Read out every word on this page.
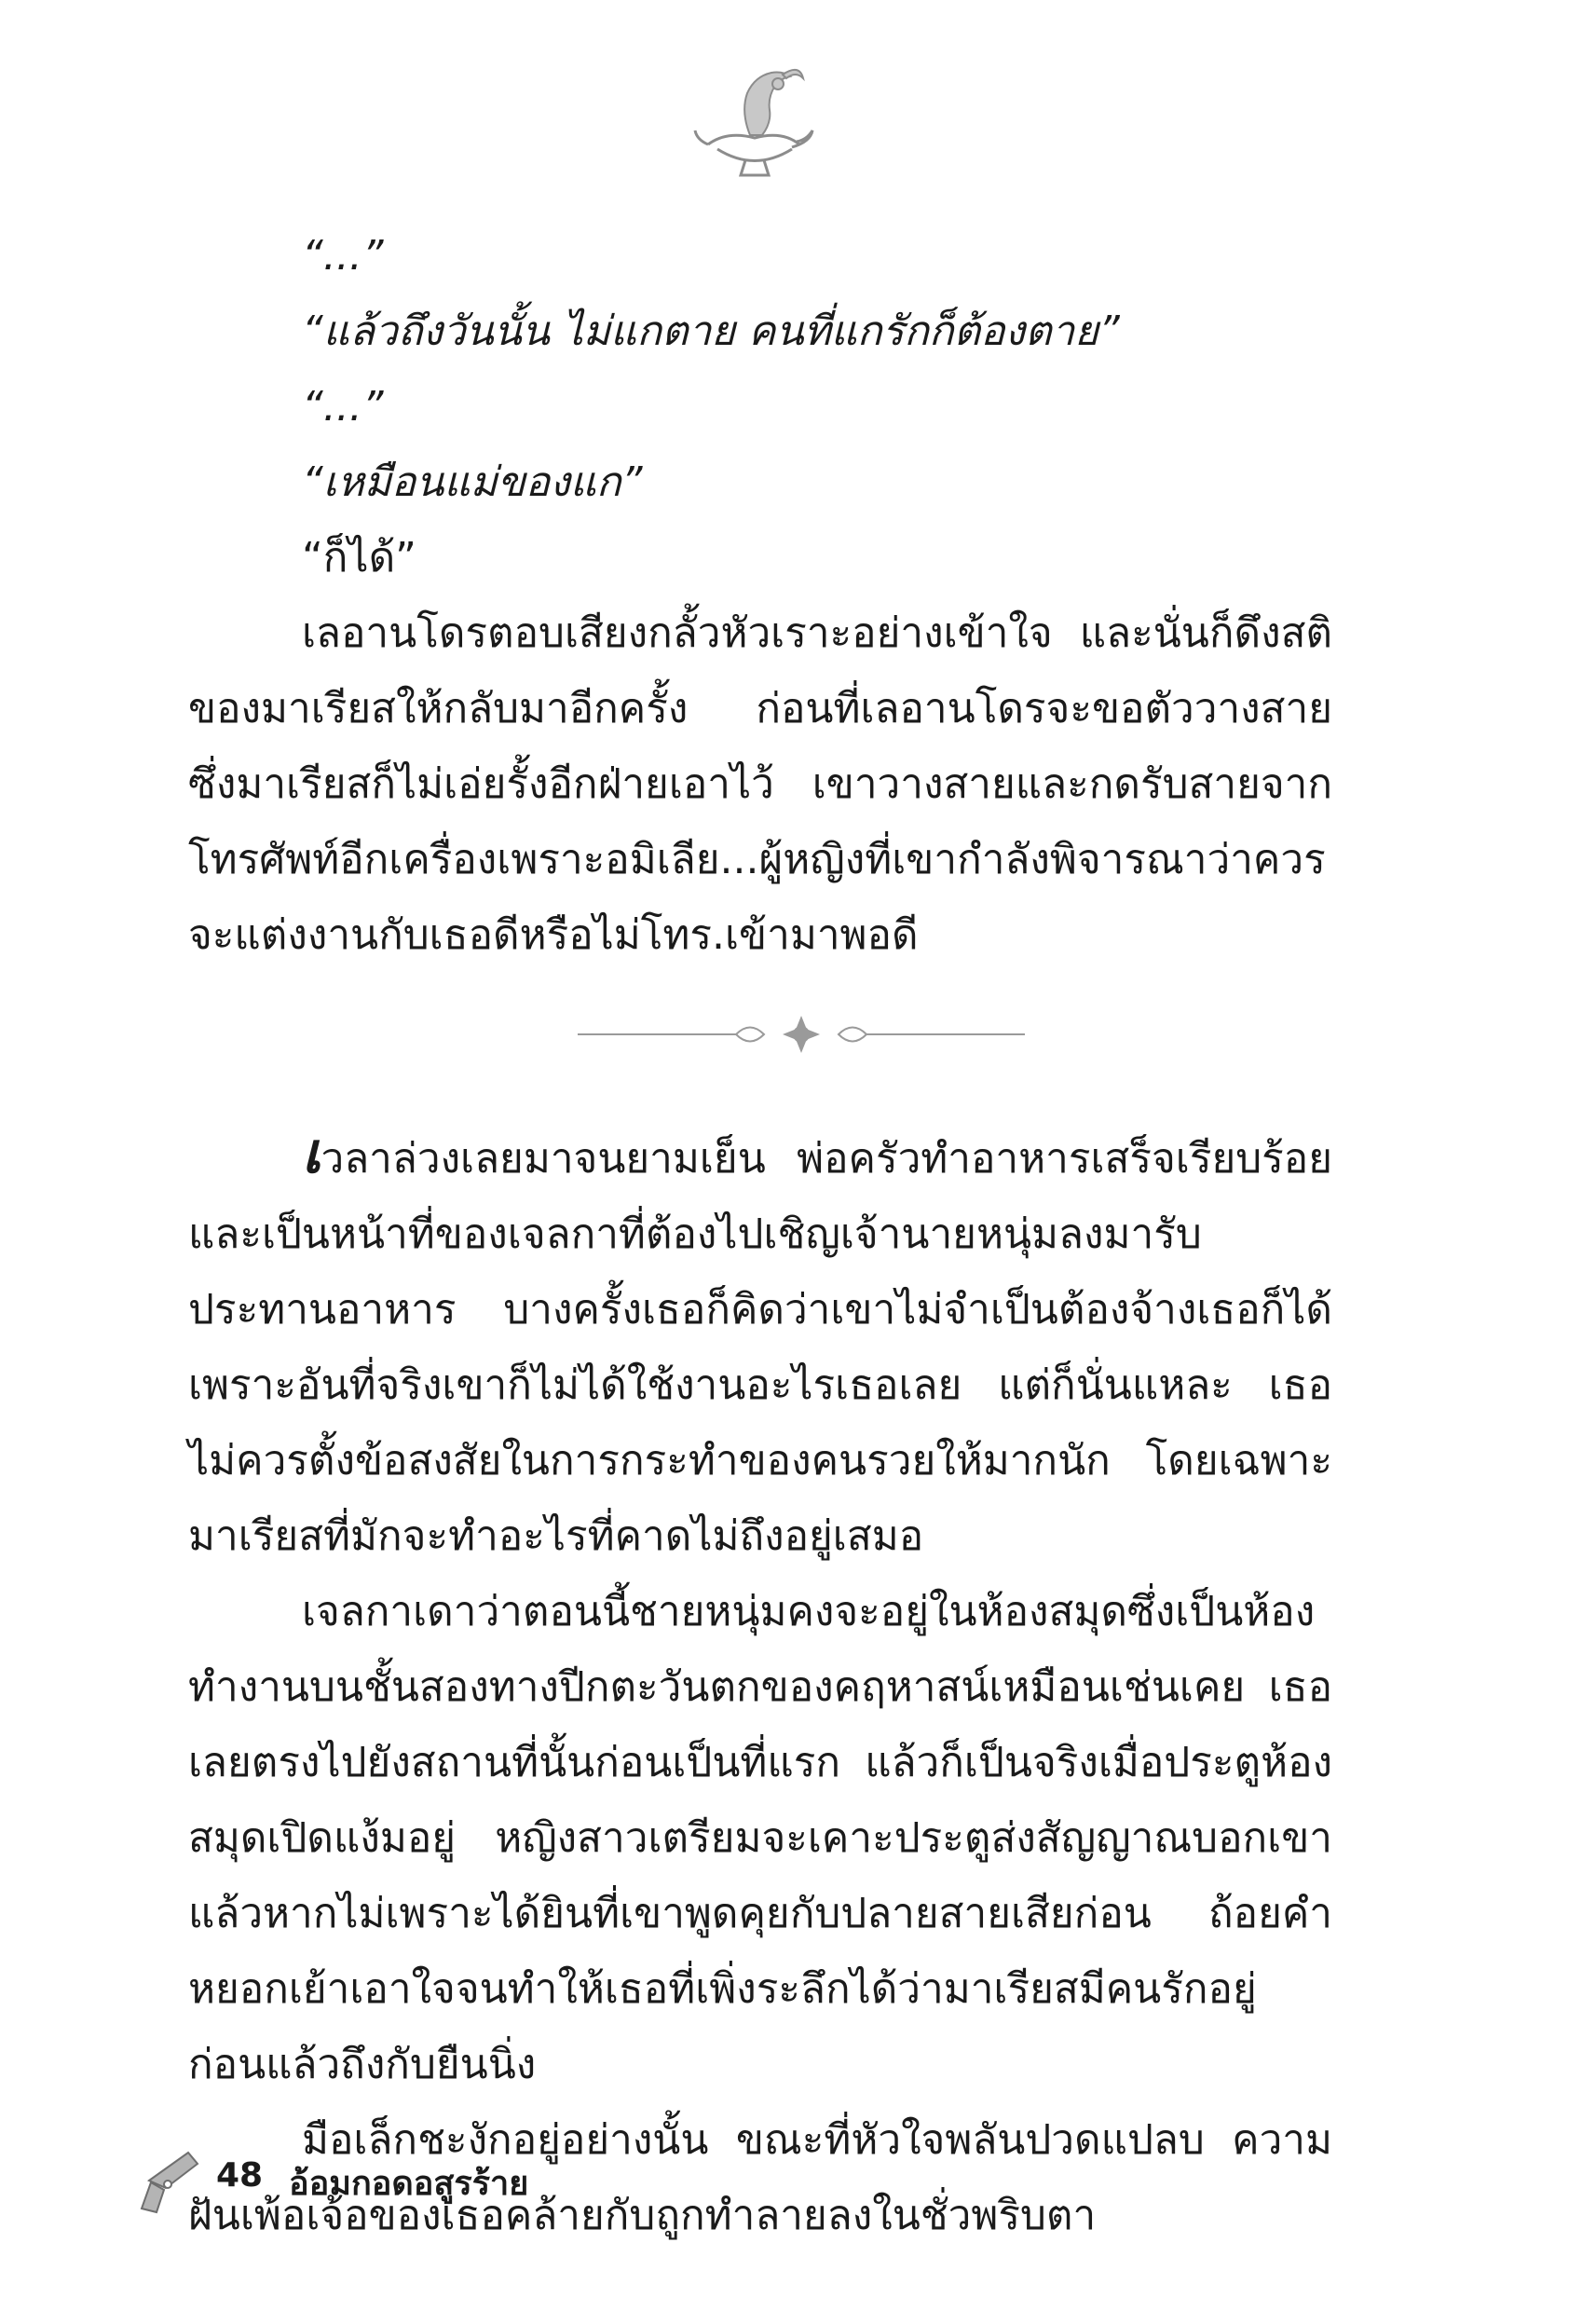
“...”
“แล้วถึงวันนั้น ไม่แกตาย คนที่แกรักก็ต้องตาย”
“...”
“เหมือนแม่ของแก”
“ก็ได้”

เลอานโดรตอบเสียงกลั้วหัวเราะอย่างเข้าใจ และนั่นก็ดึงสติของมาเรียสให้กลับมาอีกครั้ง ก่อนที่เลอานโดรจะขอตัววางสาย ซึ่งมาเรียสก็ไม่เอ่ยรั้งอีกฝ่ายเอาไว้ เขาวางสายและกดรับสายจากโทรศัพท์อีกเครื่องเพราะอมิเลีย...ผู้หญิงที่เขากำลังพิจารณาว่าควรจะแต่งงานกับเธอดีหรือไม่โทร.เข้ามาพอดี

เวลาล่วงเลยมาจนยามเย็น พ่อครัวทำอาหารเสร็จเรียบร้อยและเป็นหน้าที่ของเจลกาที่ต้องไปเชิญเจ้านายหนุ่มลงมารับประทานอาหาร บางครั้งเธอก็คิดว่าเขาไม่จำเป็นต้องจ้างเธอก็ได้ เพราะอันที่จริงเขาก็ไม่ได้ใช้งานอะไรเธอเลย แต่ก็นั่นแหละ เธอไม่ควรตั้งข้อสงสัยในการกระทำของคนรวยให้มากนัก โดยเฉพาะมาเรียสที่มักจะทำอะไรที่คาดไม่ถึงอยู่เสมอ

เจลกาเดาว่าตอนนี้ชายหนุ่มคงจะอยู่ในห้องสมุดซึ่งเป็นห้องทำงานบนชั้นสองทางปีกตะวันตกของคฤหาสน์เหมือนเช่นเคย เธอเลยตรงไปยังสถานที่นั้นก่อนเป็นที่แรก แล้วก็เป็นจริงเมื่อประตูห้องสมุดเปิดแง้มอยู่ หญิงสาวเตรียมจะเคาะประตูส่งสัญญาณบอกเขาแล้วหากไม่เพราะได้ยินที่เขาพูดคุยกับปลายสายเสียก่อน ถ้อยคำหยอกเย้าเอาใจจนทำให้เธอที่เพิ่งระลึกได้ว่ามาเรียสมีคนรักอยู่ก่อนแล้วถึงกับยืนนิ่ง

มือเล็กชะงักอยู่อย่างนั้น ขณะที่หัวใจพลันปวดแปลบ ความฝันเพ้อเจ้อของเธอคล้ายกับถูกทำลายลงในชั่วพริบตา

48 อ้อมกอดอสูรร้าย
